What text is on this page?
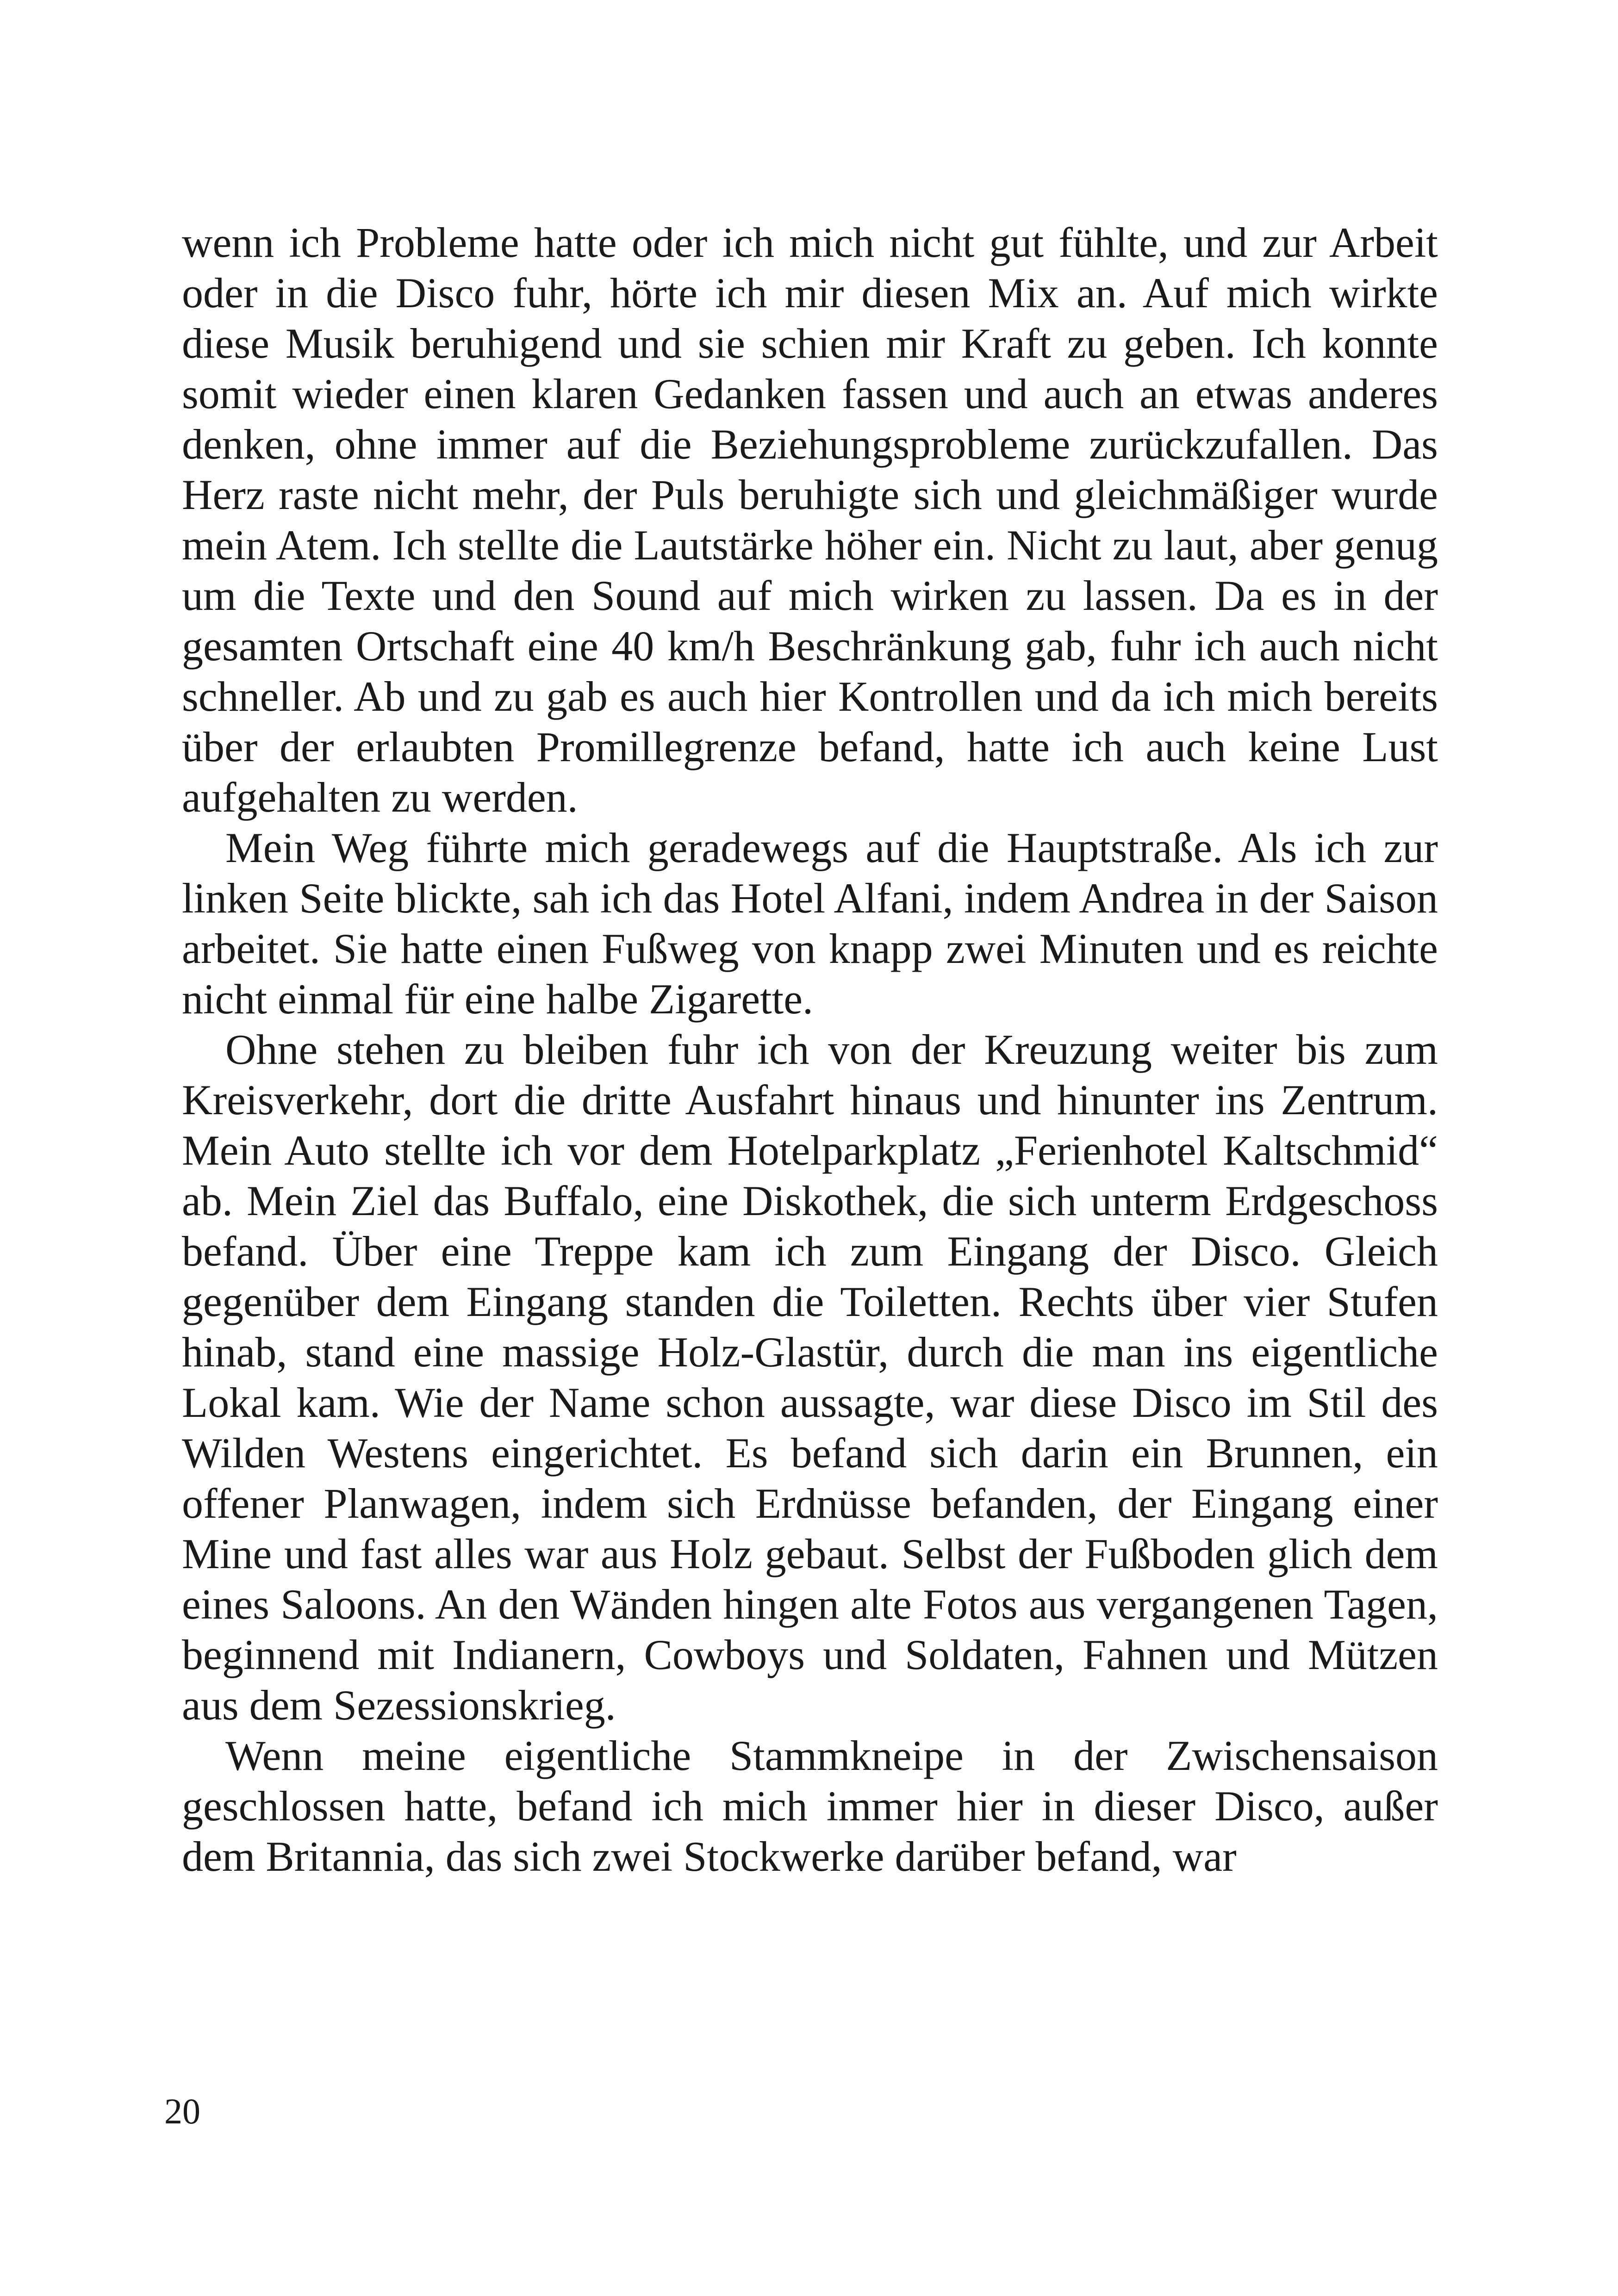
wenn ich Probleme hatte oder ich mich nicht gut fühlte, und zur Arbeit oder in die Disco fuhr, hörte ich mir diesen Mix an. Auf mich wirkte diese Musik beruhigend und sie schien mir Kraft zu geben. Ich konnte somit wieder einen klaren Gedanken fassen und auch an etwas anderes denken, ohne immer auf die Beziehungsprobleme zurückzufallen. Das Herz raste nicht mehr, der Puls beruhigte sich und gleichmäßiger wurde mein Atem. Ich stellte die Lautstärke höher ein. Nicht zu laut, aber genug um die Texte und den Sound auf mich wirken zu lassen. Da es in der gesamten Ortschaft eine 40 km/h Beschränkung gab, fuhr ich auch nicht schneller. Ab und zu gab es auch hier Kontrollen und da ich mich bereits über der erlaubten Promillegrenze befand, hatte ich auch keine Lust aufgehalten zu werden.

Mein Weg führte mich geradewegs auf die Hauptstraße. Als ich zur linken Seite blickte, sah ich das Hotel Alfani, indem Andrea in der Saison arbeitet. Sie hatte einen Fußweg von knapp zwei Minuten und es reichte nicht einmal für eine halbe Zigarette.

Ohne stehen zu bleiben fuhr ich von der Kreuzung weiter bis zum Kreisverkehr, dort die dritte Ausfahrt hinaus und hinunter ins Zentrum. Mein Auto stellte ich vor dem Hotelparkplatz „Ferienhotel Kaltschmid“ ab. Mein Ziel das Buffalo, eine Diskothek, die sich unterm Erdgeschoss befand. Über eine Treppe kam ich zum Eingang der Disco. Gleich gegenüber dem Eingang standen die Toiletten. Rechts über vier Stufen hinab, stand eine massige Holz-Glastür, durch die man ins eigentliche Lokal kam. Wie der Name schon aussagte, war diese Disco im Stil des Wilden Westens eingerichtet. Es befand sich darin ein Brunnen, ein offener Planwagen, indem sich Erdnüsse befanden, der Eingang einer Mine und fast alles war aus Holz gebaut. Selbst der Fußboden glich dem eines Saloons. An den Wänden hingen alte Fotos aus vergangenen Tagen, beginnend mit Indianern, Cowboys und Soldaten, Fahnen und Mützen aus dem Sezessionskrieg.

Wenn meine eigentliche Stammkneipe in der Zwischensaison geschlossen hatte, befand ich mich immer hier in dieser Disco, außer dem Britannia, das sich zwei Stockwerke darüber befand, war

20
